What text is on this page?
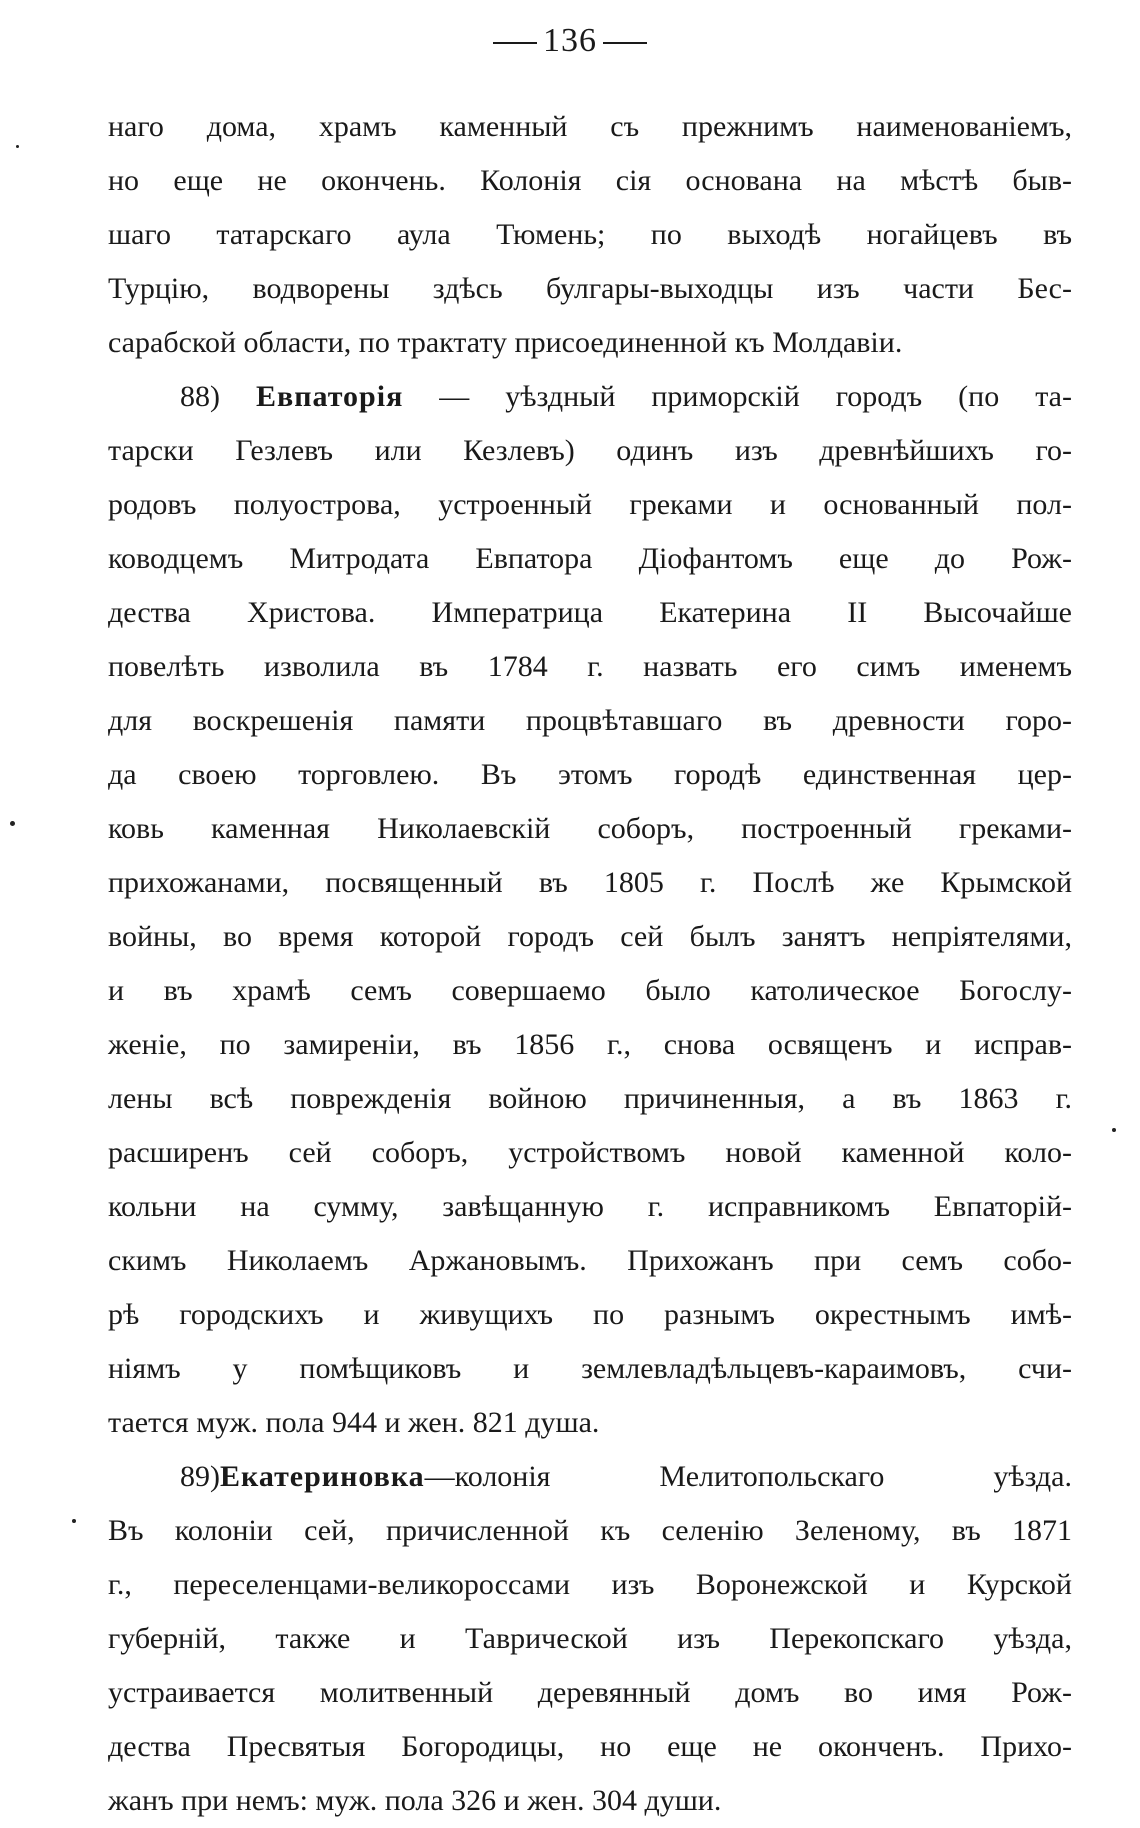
136
наго дома, храмъ каменный съ прежнимъ наименованіемъ,
но еще не окончень. Колонія сія основана на мѣстѣ быв-
шаго татарскаго аула Тюмень; по выходѣ ногайцевъ въ
Турцію, водворены здѣсь булгары-выходцы изъ части Бес-
сарабской области, по трактату присоединенной къ Молдавіи.
88) Евпаторія — уѣздный приморскій городъ (по та-
тарски Гезлевъ или Кезлевъ) одинъ изъ древнѣйшихъ го-
родовъ полуострова, устроенный греками и основанный пол-
ководцемъ Митродата Евпатора Діофантомъ еще до Рож-
дества Христова. Императрица Екатерина II Высочайше
повелѣть изволила въ 1784 г. назвать его симъ именемъ
для воскрешенія памяти процвѣтавшаго въ древности горо-
да своею торговлею. Въ этомъ городѣ единственная цер-
ковь каменная Николаевскій соборъ, построенный греками-
прихожанами, посвященный въ 1805 г. Послѣ же Крымской
войны, во время которой городъ сей былъ занятъ непріятелями,
и въ храмѣ семъ совершаемо было католическое Богослу-
женіе, по замиреніи, въ 1856 г., снова освященъ и исправ-
лены всѣ поврежденія войною причиненныя, а въ 1863 г.
расширенъ сей соборъ, устройствомъ новой каменной коло-
кольни на сумму, завѣщанную г. исправникомъ Евпаторій-
скимъ Николаемъ Аржановымъ. Прихожанъ при семъ собо-
рѣ городскихъ и живущихъ по разнымъ окрестнымъ имѣ-
ніямъ у помѣщиковъ и землевладѣльцевъ-караимовъ, счи-
тается муж. пола 944 и жен. 821 душа.
89)Екатериновка—колонія Мелитопольскаго уѣзда.
Въ колоніи сей, причисленной къ селенію Зеленому, въ 1871
г., переселенцами-великороссами изъ Воронежской и Курской
губерній, также и Таврической изъ Перекопскаго уѣзда,
устраивается молитвенный деревянный домъ во имя Рож-
дества Пресвятыя Богородицы, но еще не оконченъ. Прихо-
жанъ при немъ: муж. пола 326 и жен. 304 души.
